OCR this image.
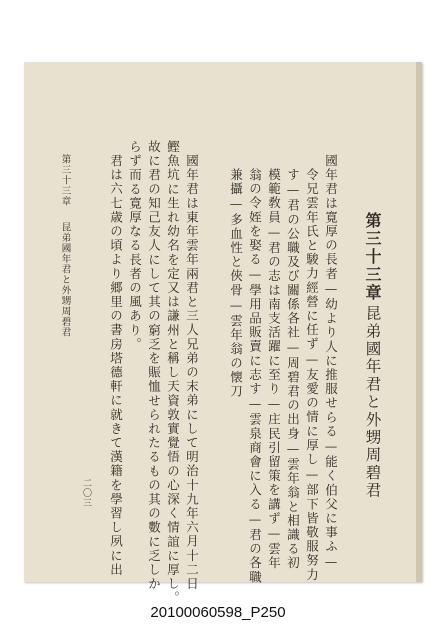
第三十三章
昆弟國年君と外甥周碧君
國年君は寛厚の長者—幼より人に推服せらる—能く伯父に事ふ—
令兄雲年氏と駿力經營に任ず—友愛の情に厚し—部下皆敬服努力
す—君の公職及び關係各社—周碧君の出身—雲年翁と相識る初
模範敎員—君の志は南支活躍に至り—庄民引留策を講ず—雲年
翁の令姪を娶る—學用品販賣に志す—雲泉商會に入る—君の各職
兼攝—多血性と俠骨—雲年翁の懐刀
國年君は東年雲年兩君と三人兄弟の末弟にして明治十九年六月十二日
鰹魚坑に生れ幼名を定又は謙州と稱し天資敦實覺悟の心深く情誼に厚し。
故に君の知己友人にして其の窮乏を賑恤せられたるもの其の數に乏しか
らず而る寛厚なる長者の風あり。
君は六七歳の頃より郷里の書房塔德軒に就きて漢籍を學習し夙に出
第三十三章
昆弟國年君と外甥周碧君
二〇三
20100060598_P250
